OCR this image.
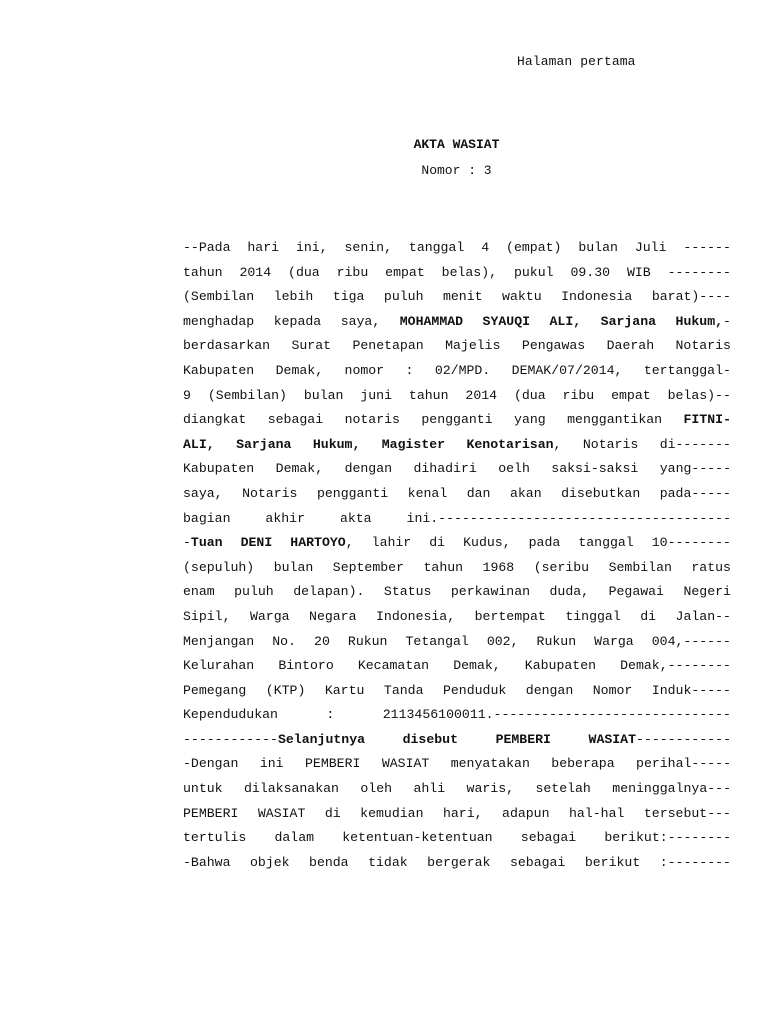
Halaman pertama
AKTA WASIAT
Nomor : 3
--Pada hari ini, senin, tanggal 4 (empat) bulan Juli ------
tahun 2014 (dua ribu empat belas), pukul 09.30 WIB --------
(Sembilan lebih tiga puluh menit waktu Indonesia barat)----
menghadap kepada saya, MOHAMMAD SYAUQI ALI, Sarjana Hukum,-
berdasarkan Surat Penetapan Majelis Pengawas Daerah Notaris
Kabupaten Demak, nomor : 02/MPD. DEMAK/07/2014, tertanggal-
9 (Sembilan) bulan juni tahun 2014 (dua ribu empat belas)--
diangkat sebagai notaris pengganti yang menggantikan FITNI-
ALI, Sarjana Hukum, Magister Kenotarisan, Notaris di-------
Kabupaten Demak, dengan dihadiri oelh saksi-saksi yang-----
saya, Notaris pengganti kenal dan akan disebutkan pada-----
bagian	akhir	akta	ini.-------------------------------------
-Tuan DENI HARTOYO, lahir di Kudus, pada tanggal 10--------
(sepuluh) bulan September tahun 1968 (seribu Sembilan ratus
enam puluh delapan). Status perkawinan duda, Pegawai Negeri
Sipil, Warga Negara Indonesia, bertempat tinggal di Jalan--
Menjangan No. 20 Rukun Tetangal 002, Rukun Warga 004,------
Kelurahan Bintoro Kecamatan Demak, Kabupaten Demak,--------
Pemegang (KTP) Kartu Tanda Penduduk dengan Nomor Induk-----
Kependudukan	:	2113456100011.------------------------------
------------Selanjutnya	disebut	PEMBERI	WASIAT------------
-Dengan ini PEMBERI WASIAT menyatakan beberapa perihal-----
untuk dilaksanakan oleh ahli waris, setelah meninggalnya---
PEMBERI WASIAT di kemudian hari, adapun hal-hal tersebut---
tertulis dalam ketentuan-ketentuan sebagai berikut:--------
-Bahwa objek benda tidak bergerak sebagai berikut :--------
